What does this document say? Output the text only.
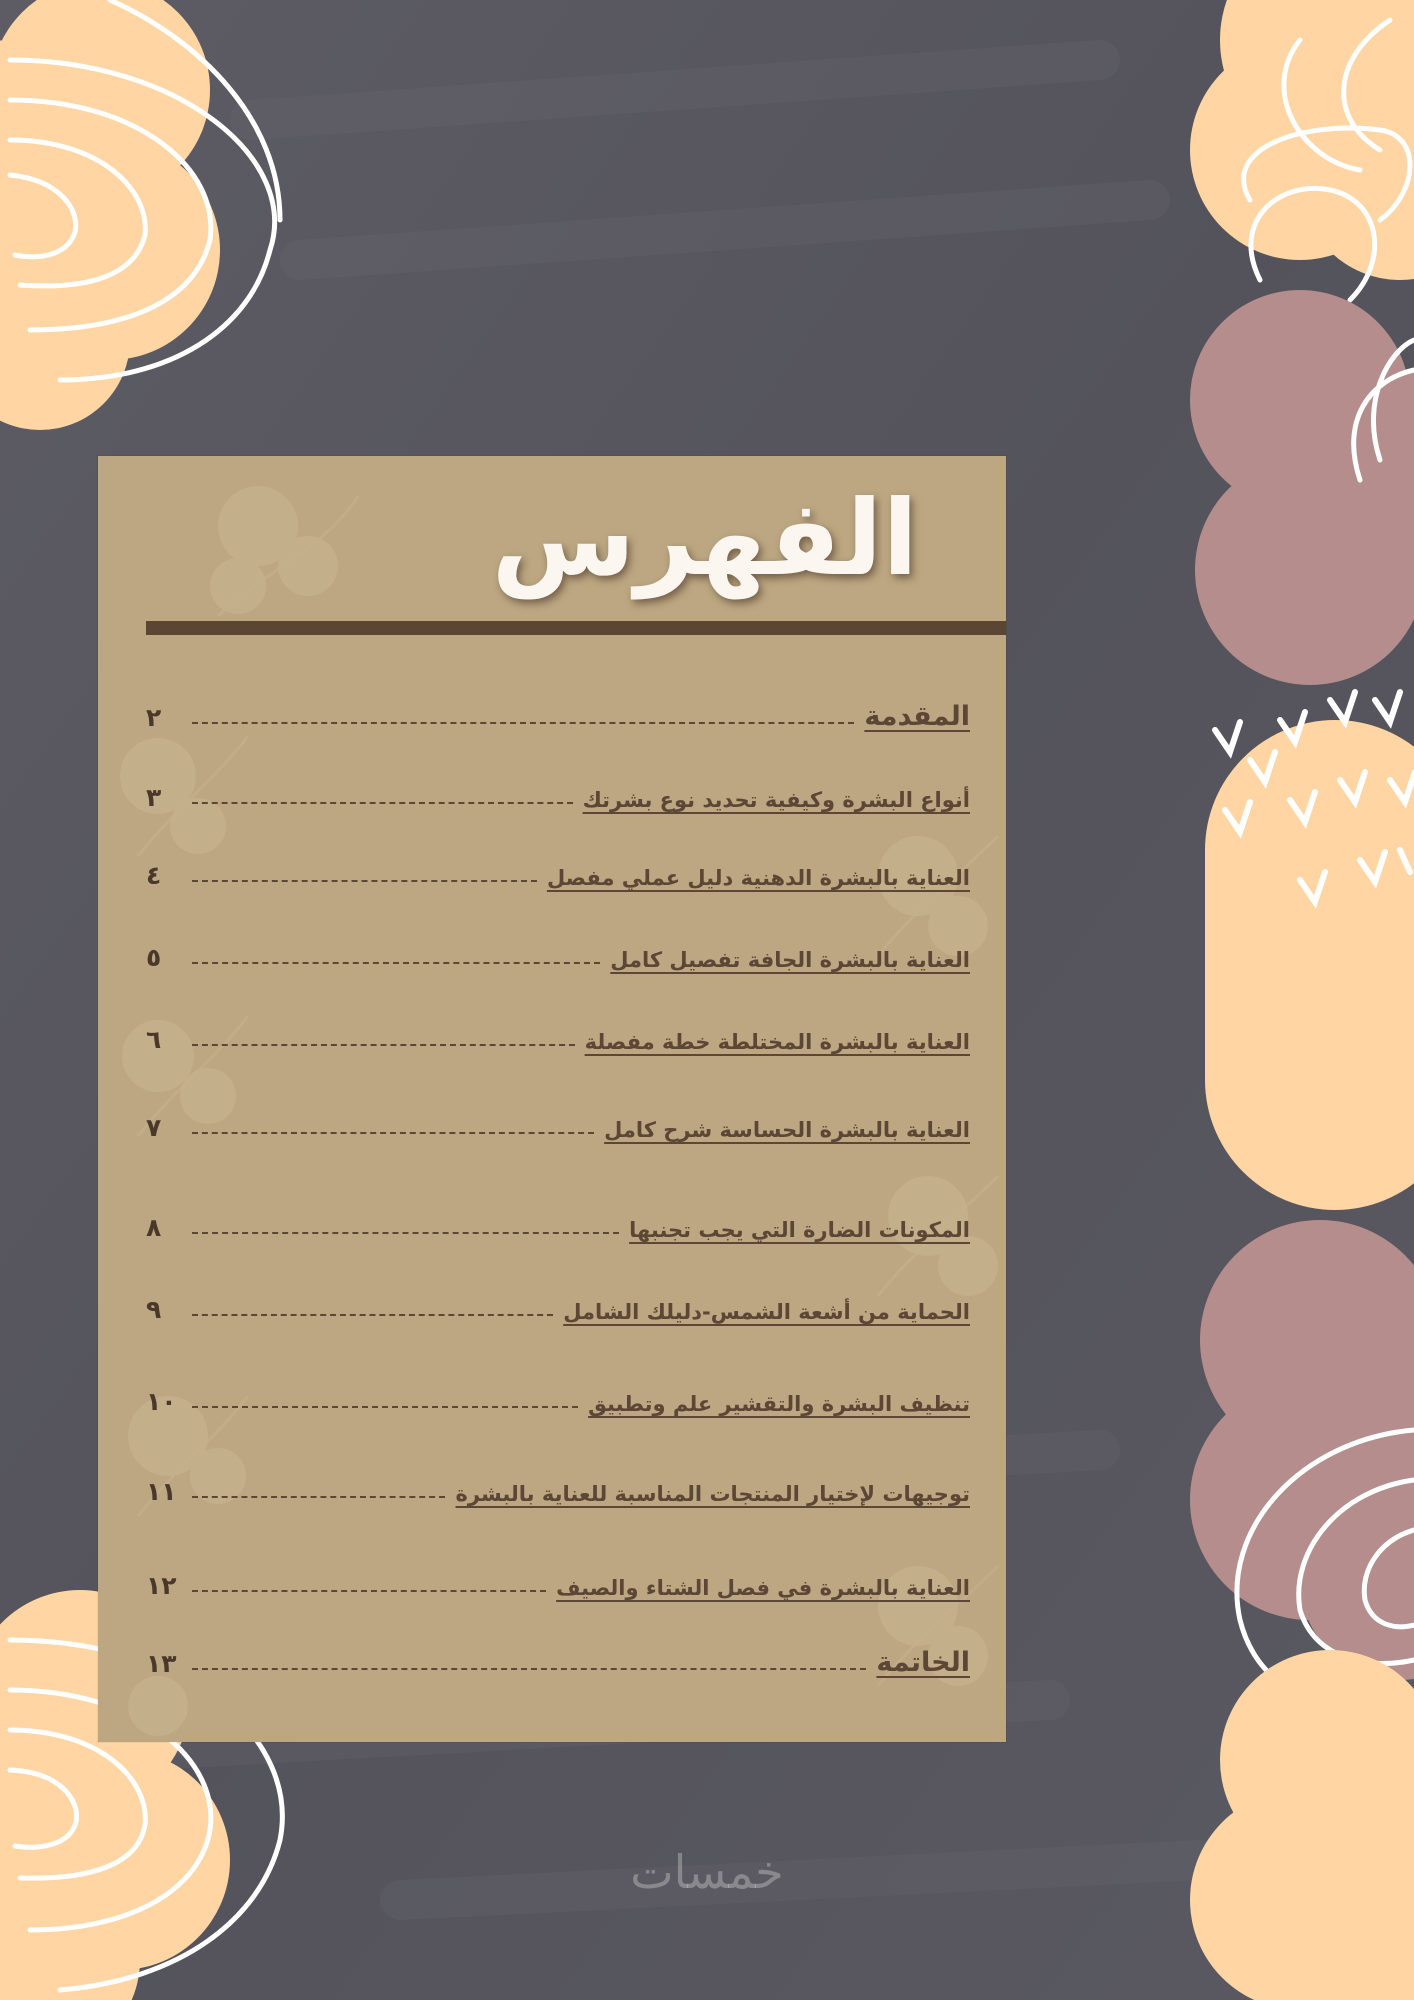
الفهرس
المقدمة
٢
أنواع البشرة وكيفية تحديد نوع بشرتك
٣
العناية بالبشرة الدهنية دليل عملي مفصل
٤
العناية بالبشرة الجافة تفصيل كامل
٥
العناية بالبشرة المختلطة خطة مفصلة
٦
العناية بالبشرة الحساسة شرح كامل
٧
المكونات الضارة التي يجب تجنبها
٨
الحماية من أشعة الشمس-دليلك الشامل
٩
تنظيف البشرة والتقشير علم وتطبيق
١٠
توجيهات لإختيار المنتجات المناسبة للعناية بالبشرة
١١
العناية بالبشرة في فصل الشتاء والصيف
١٢
الخاتمة
١٣
خمسات
